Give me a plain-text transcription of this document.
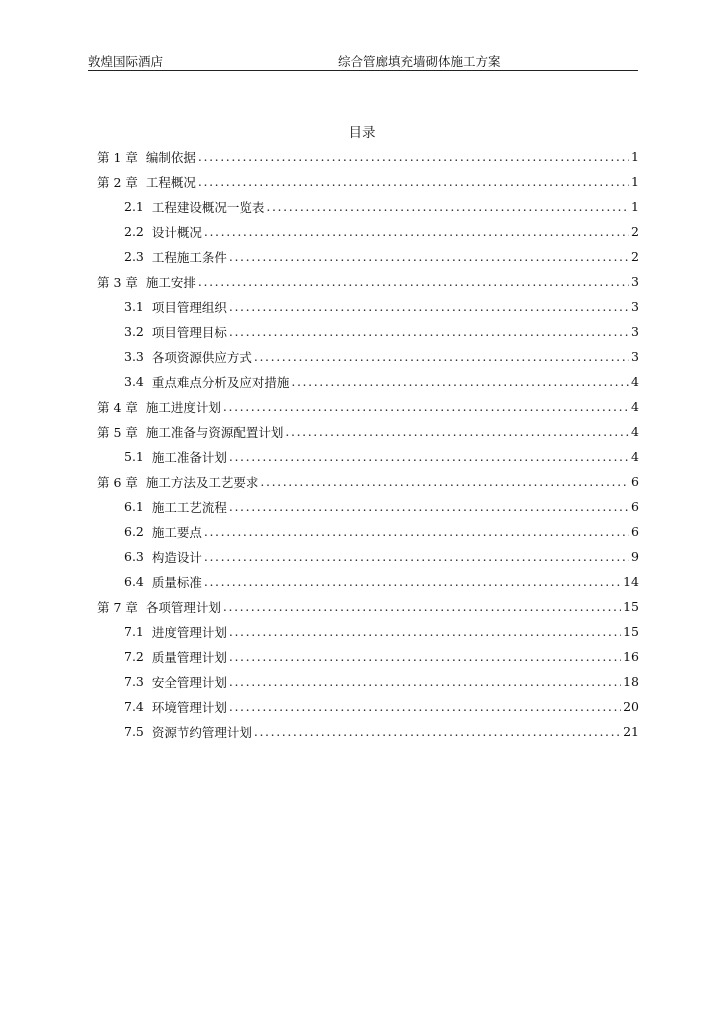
敦煌国际酒店	综合管廊填充墙砌体施工方案
目录
第 1 章 编制依据 .....	1
第 2 章 工程概况 .....	1
2.1 工程建设概况一览表 .....	1
2.2 设计概况 .....	2
2.3 工程施工条件 .....	2
第 3 章 施工安排 .....	3
3.1 项目管理组织 .....	3
3.2 项目管理目标 .....	3
3.3 各项资源供应方式 .....	3
3.4 重点难点分析及应对措施 .....	4
第 4 章 施工进度计划 .....	4
第 5 章 施工准备与资源配置计划 .....	4
5.1 施工准备计划 .....	4
第 6 章 施工方法及工艺要求 .....	6
6.1 施工工艺流程 .....	6
6.2 施工要点 .....	6
6.3 构造设计 .....	9
6.4 质量标准 .....	14
第 7 章 各项管理计划 .....	15
7.1 进度管理计划 .....	15
7.2 质量管理计划 .....	16
7.3 安全管理计划 .....	18
7.4 环境管理计划 .....	20
7.5 资源节约管理计划 .....	21
